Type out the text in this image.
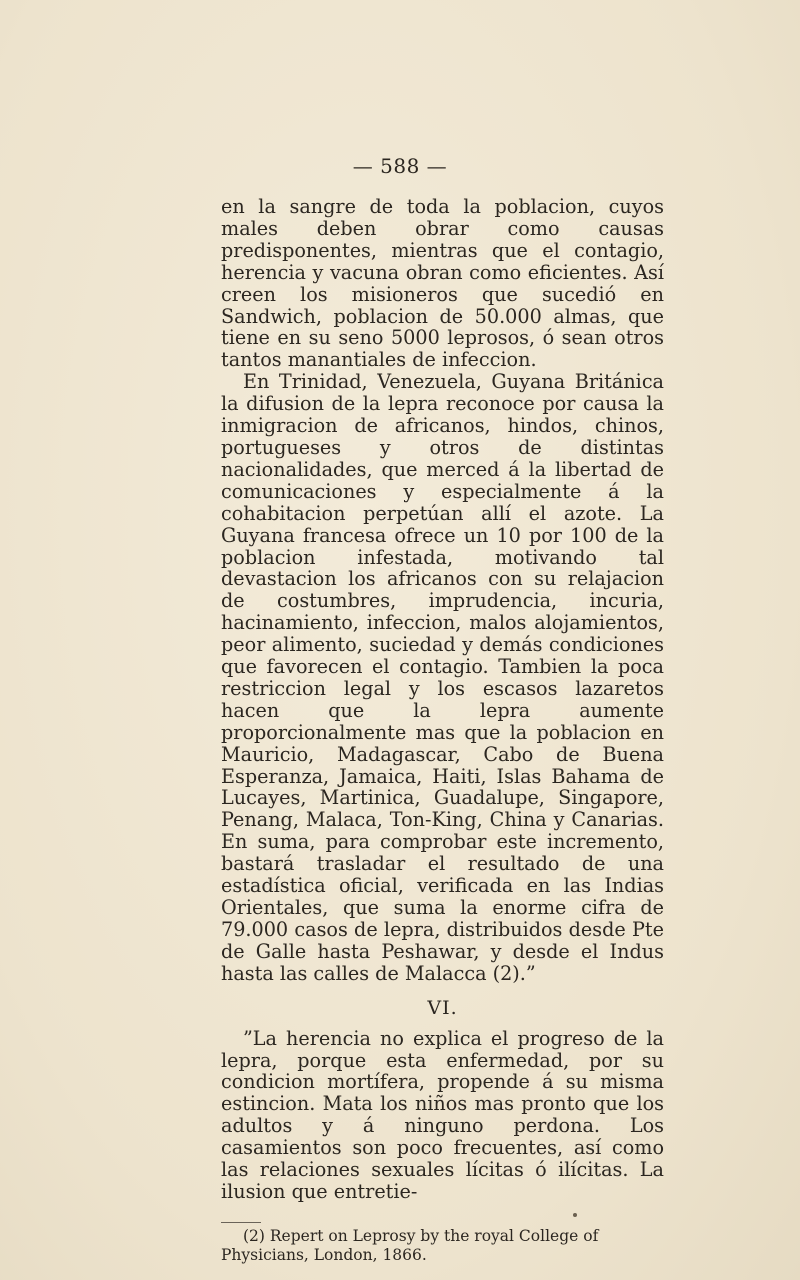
— 588 —

en la sangre de toda la poblacion, cuyos males deben obrar como causas predisponentes, mientras que el contagio, herencia y vacuna obran como eficientes. Así creen los misioneros que sucedió en Sandwich, poblacion de 50.000 almas, que tiene en su seno 5000 leprosos, ó sean otros tantos manantiales de infeccion.

En Trinidad, Venezuela, Guyana Británica la difusion de la lepra reconoce por causa la inmigracion de africanos, hindos, chinos, portugueses y otros de distintas nacionalidades, que merced á la libertad de comunicaciones y especialmente á la cohabitacion perpetúan allí el azote. La Guyana francesa ofrece un 10 por 100 de la poblacion infestada, motivando tal devastacion los africanos con su relajacion de costumbres, imprudencia, incuria, hacinamiento, infeccion, malos alojamientos, peor alimento, suciedad y demás condiciones que favorecen el contagio. Tambien la poca restriccion legal y los escasos lazaretos hacen que la lepra aumente proporcionalmente mas que la poblacion en Mauricio, Madagascar, Cabo de Buena Esperanza, Jamaica, Haiti, Islas Bahama de Lucayes, Martinica, Guadalupe, Singapore, Penang, Malaca, Ton-King, China y Canarias. En suma, para comprobar este incremento, bastará trasladar el resultado de una estadística oficial, verificada en las Indias Orientales, que suma la enorme cifra de 79.000 casos de lepra, distribuidos desde Pte de Galle hasta Peshawar, y desde el Indus hasta las calles de Malacca (2).”

VI.

”La herencia no explica el progreso de la lepra, porque esta enfermedad, por su condicion mortífera, propende á su misma estincion. Mata los niños mas pronto que los adultos y á ninguno perdona. Los casamientos son poco frecuentes, así como las relaciones sexuales lícitas ó ilícitas. La ilusion que entretie-

(2) Repert on Leprosy by the royal College of Physicians, London, 1866.
